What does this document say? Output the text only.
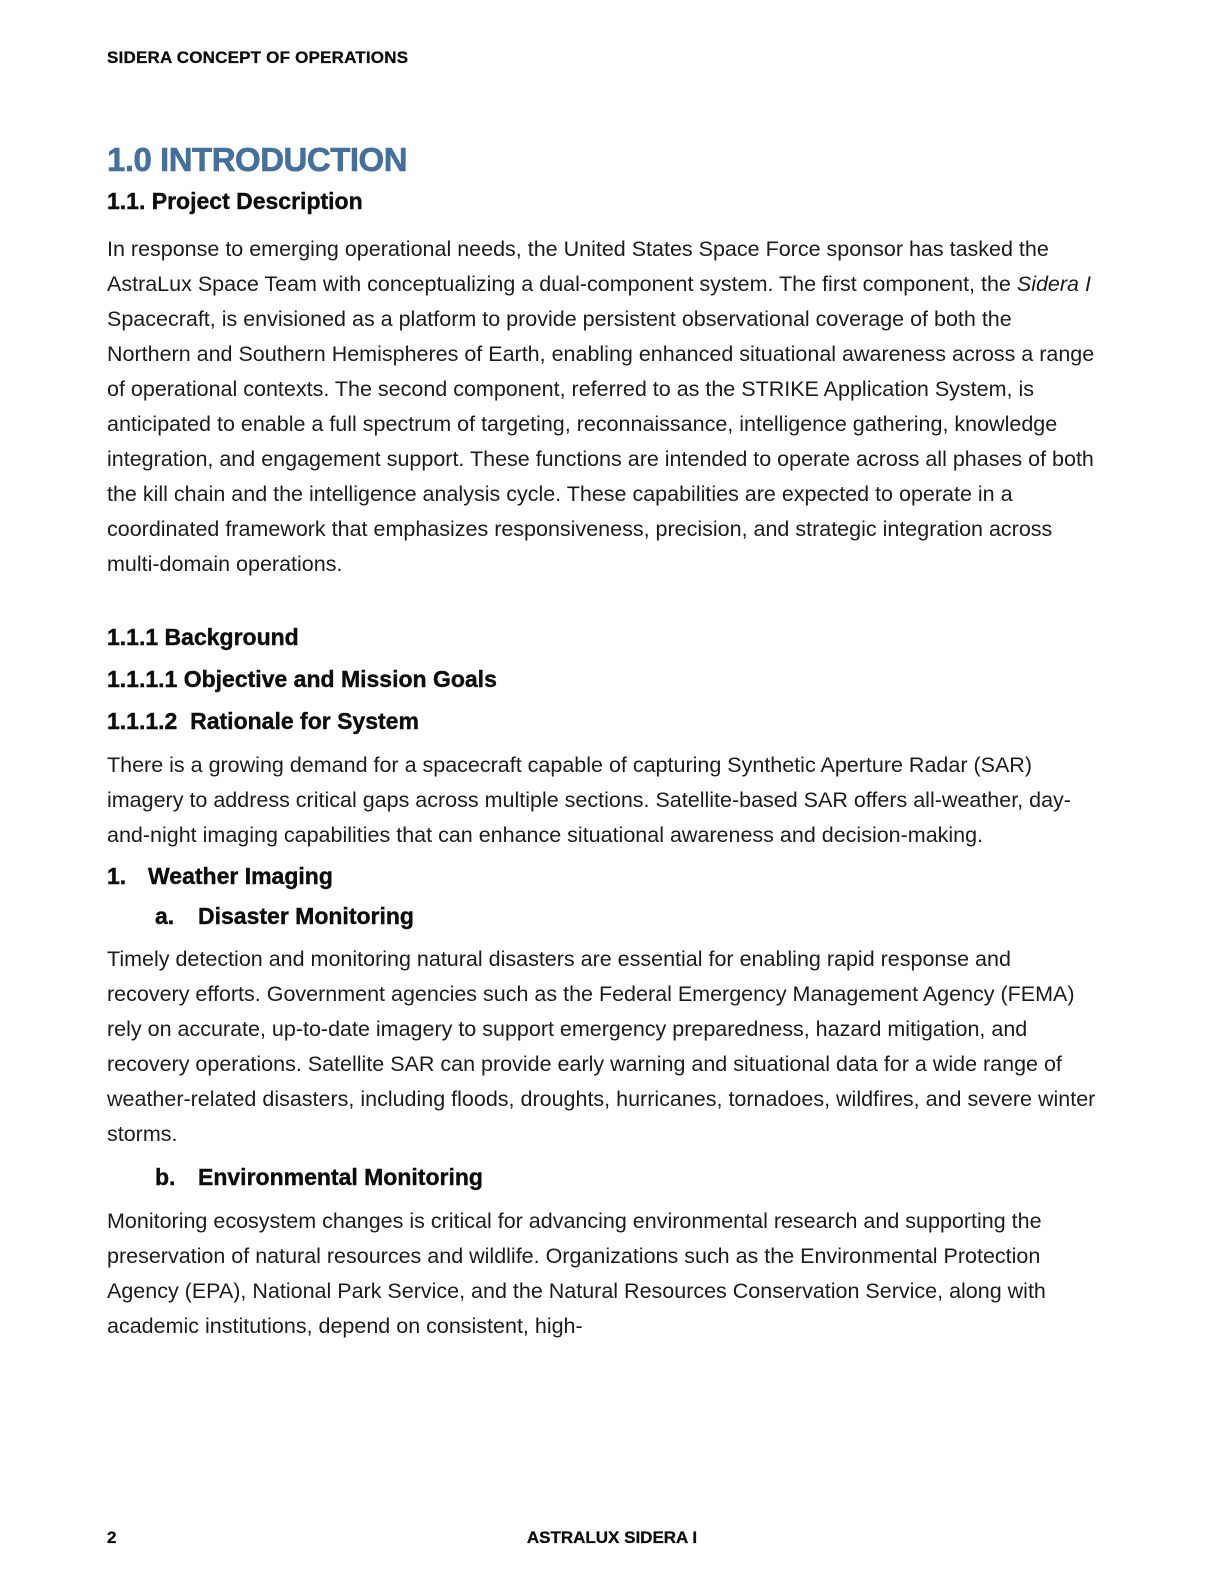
SIDERA CONCEPT OF OPERATIONS
1.0 INTRODUCTION
1.1. Project Description

In response to emerging operational needs, the United States Space Force sponsor has tasked the AstraLux Space Team with conceptualizing a dual-component system. The first component, the Sidera I Spacecraft, is envisioned as a platform to provide persistent observational coverage of both the Northern and Southern Hemispheres of Earth, enabling enhanced situational awareness across a range of operational contexts. The second component, referred to as the STRIKE Application System, is anticipated to enable a full spectrum of targeting, reconnaissance, intelligence gathering, knowledge integration, and engagement support. These functions are intended to operate across all phases of both the kill chain and the intelligence analysis cycle. These capabilities are expected to operate in a coordinated framework that emphasizes responsiveness, precision, and strategic integration across multi-domain operations.

1.1.1 Background
1.1.1.1 Objective and Mission Goals
1.1.1.2  Rationale for System

There is a growing demand for a spacecraft capable of capturing Synthetic Aperture Radar (SAR) imagery to address critical gaps across multiple sections. Satellite-based SAR offers all-weather, day-and-night imaging capabilities that can enhance situational awareness and decision-making.

1. Weather Imaging
a.	Disaster Monitoring

Timely detection and monitoring natural disasters are essential for enabling rapid response and recovery efforts. Government agencies such as the Federal Emergency Management Agency (FEMA) rely on accurate, up-to-date imagery to support emergency preparedness, hazard mitigation, and recovery operations. Satellite SAR can provide early warning and situational data for a wide range of weather-related disasters, including floods, droughts, hurricanes, tornadoes, wildfires, and severe winter storms.

b. Environmental Monitoring

Monitoring ecosystem changes is critical for advancing environmental research and supporting the preservation of natural resources and wildlife. Organizations such as the Environmental Protection Agency (EPA), National Park Service, and the Natural Resources Conservation Service, along with academic institutions, depend on consistent, high-

2	ASTRALUX SIDERA I
